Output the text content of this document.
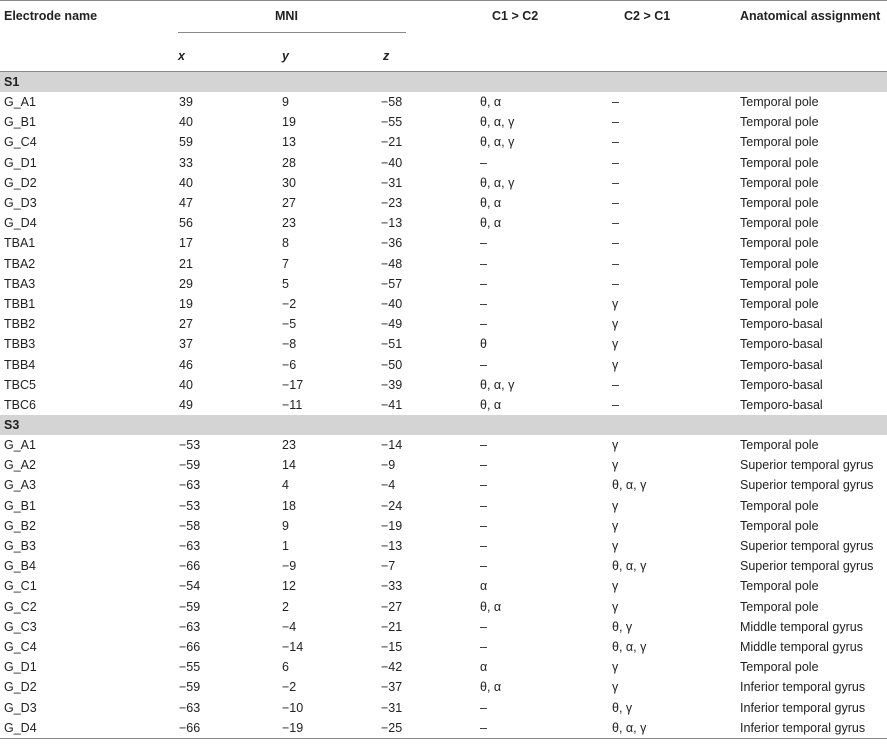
Electrode name	MNI			C1 > C2	C2 > C1	Anatomical assignment
	x	y	z			

S1						
G_A1	39	9	−58	θ, α	–	Temporal pole
G_B1	40	19	−55	θ, α, γ	–	Temporal pole
G_C4	59	13	−21	θ, α, γ	–	Temporal pole
G_D1	33	28	−40	–	–	Temporal pole
G_D2	40	30	−31	θ, α, γ	–	Temporal pole
G_D3	47	27	−23	θ, α	–	Temporal pole
G_D4	56	23	−13	θ, α	–	Temporal pole
TBA1	17	8	−36	–	–	Temporal pole
TBA2	21	7	−48	–	–	Temporal pole
TBA3	29	5	−57	–	–	Temporal pole
TBB1	19	−2	−40	–	γ	Temporal pole
TBB2	27	−5	−49	–	γ	Temporo-basal
TBB3	37	−8	−51	θ	γ	Temporo-basal
TBB4	46	−6	−50	–	γ	Temporo-basal
TBC5	40	−17	−39	θ, α, γ	–	Temporo-basal
TBC6	49	−11	−41	θ, α	–	Temporo-basal
S3						
G_A1	−53	23	−14	–	γ	Temporal pole
G_A2	−59	14	−9	–	γ	Superior temporal gyrus
G_A3	−63	4	−4	–	θ, α, γ	Superior temporal gyrus
G_B1	−53	18	−24	–	γ	Temporal pole
G_B2	−58	9	−19	–	γ	Temporal pole
G_B3	−63	1	−13	–	γ	Superior temporal gyrus
G_B4	−66	−9	−7	–	θ, α, γ	Superior temporal gyrus
G_C1	−54	12	−33	α	γ	Temporal pole
G_C2	−59	2	−27	θ, α	γ	Temporal pole
G_C3	−63	−4	−21	–	θ, γ	Middle temporal gyrus
G_C4	−66	−14	−15	–	θ, α, γ	Middle temporal gyrus
G_D1	−55	6	−42	α	γ	Temporal pole
G_D2	−59	−2	−37	θ, α	γ	Inferior temporal gyrus
G_D3	−63	−10	−31	–	θ, γ	Inferior temporal gyrus
G_D4	−66	−19	−25	–	θ, α, γ	Inferior temporal gyrus
